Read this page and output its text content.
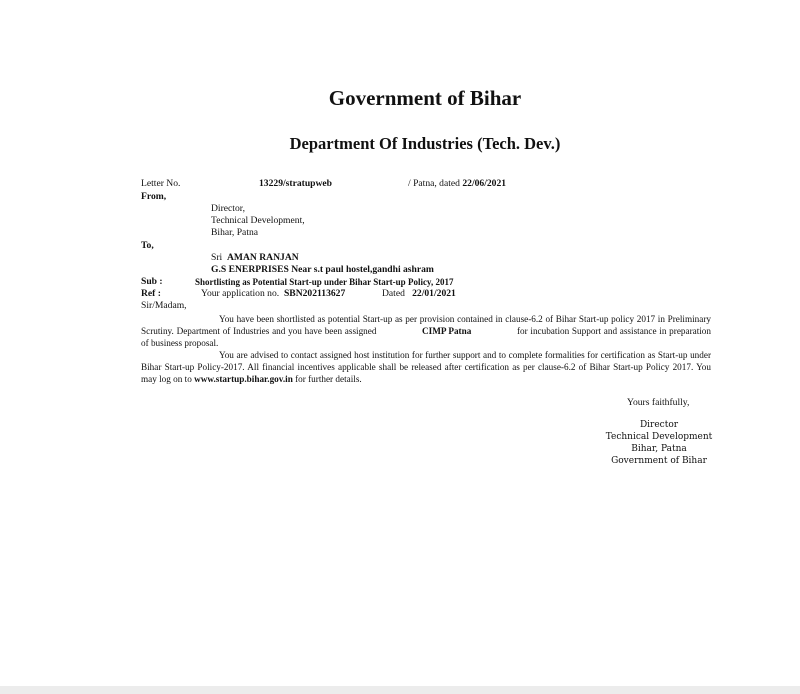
Government of Bihar
Department Of Industries (Tech. Dev.)
Letter No.	13229/stratupweb	/ Patna, dated 22/06/2021
From,
Director,
Technical Development,
Bihar, Patna
To,
Sri AMAN RANJAN
G.S ENERPRISES Near s.t paul hostel,gandhi ashram
Sub :	Shortlisting as Potential Start-up under Bihar Start-up Policy, 2017
Ref :	Your application no. SBN202113627	Dated 22/01/2021
Sir/Madam,
You have been shortlisted as potential Start-up as per provision contained in clause-6.2 of Bihar Start-up policy 2017 in Preliminary Scrutiny. Department of Industries and you have been assigned	CIMP Patna	for incubation Support and assistance in preparation of business proposal.
You are advised to contact assigned host institution for further support and to complete formalities for certification as Start-up under Bihar Start-up Policy-2017. All financial incentives applicable shall be released after certification as per clause-6.2 of Bihar Start-up Policy 2017. You may log on to www.startup.bihar.gov.in for further details.
Yours faithfully,
Director
Technical Development
Bihar, Patna
Government of Bihar
